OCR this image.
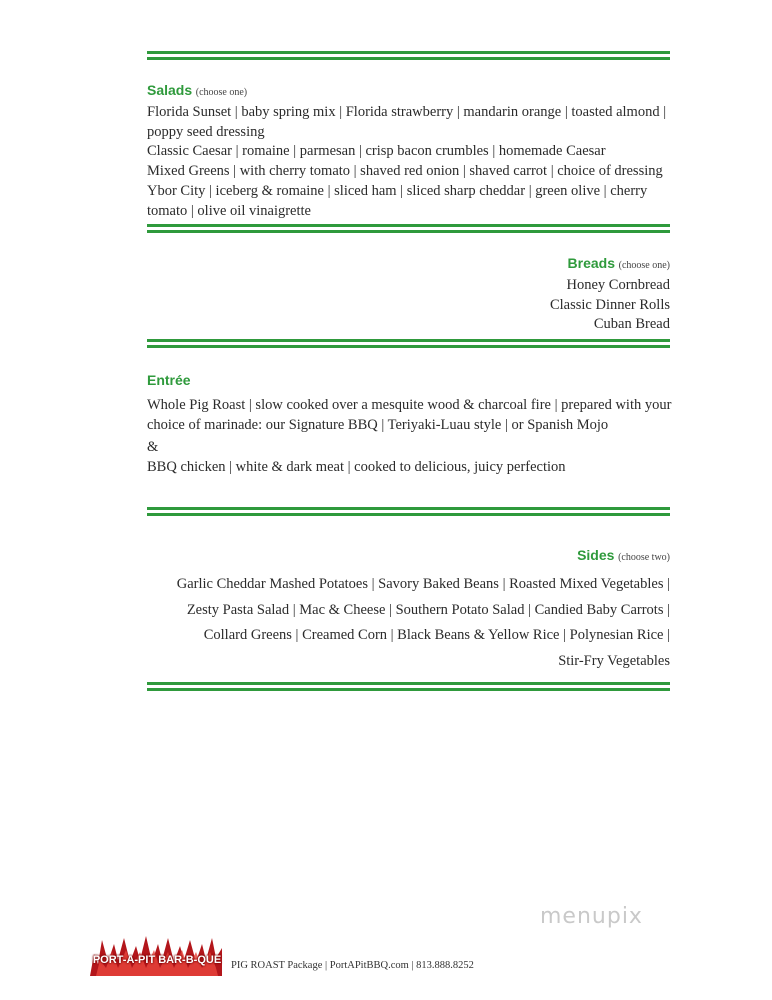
Salads (choose one)
Florida Sunset | baby spring mix | Florida strawberry | mandarin orange | toasted almond |
poppy seed dressing
Classic Caesar | romaine | parmesan | crisp bacon crumbles | homemade Caesar
Mixed Greens | with cherry tomato | shaved red onion | shaved carrot | choice of dressing
Ybor City | iceberg & romaine | sliced ham | sliced sharp cheddar | green olive | cherry
tomato | olive oil vinaigrette
Breads (choose one)
Honey Cornbread
Classic Dinner Rolls
Cuban Bread
Entrée
Whole Pig Roast | slow cooked over a mesquite wood & charcoal fire | prepared with your
choice of marinade: our Signature BBQ | Teriyaki-Luau style | or Spanish Mojo
&
BBQ chicken | white & dark meat | cooked to delicious, juicy perfection
Sides (choose two)
Garlic Cheddar Mashed Potatoes | Savory Baked Beans | Roasted Mixed Vegetables |
Zesty Pasta Salad | Mac & Cheese | Southern Potato Salad | Candied Baby Carrots |
Collard Greens | Creamed Corn | Black Beans & Yellow Rice | Polynesian Rice |
Stir-Fry Vegetables
menupix
PORT-A-PIT BAR-B-QUE PIG ROAST Package | PortAPitBBQ.com | 813.888.8252
